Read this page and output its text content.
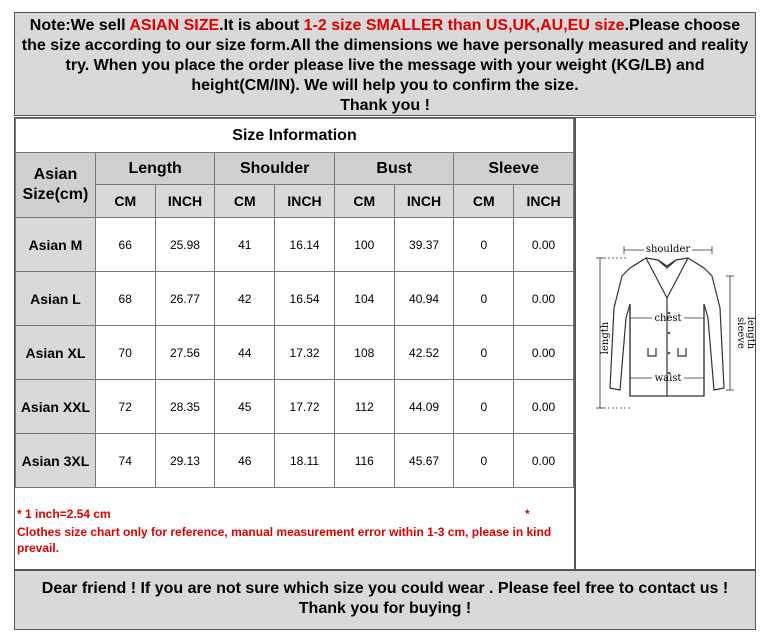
Note:We sell ASIAN SIZE.It is about 1-2 size SMALLER than US,UK,AU,EU size.Please choose
the size according to our size form.All the dimensions we have personally measured and reality
try. When you place the order please live the message with your weight (KG/LB) and
height(CM/IN). We will help you to confirm the size.
Thank you !
Size Information								
Asian
Size(cm)	Length		Shoulder		Bust		Sleeve	
	CM	INCH	CM	INCH	CM	INCH	CM	INCH
Asian M	66	25.98	41	16.14	100	39.37	0	0.00
Asian L	68	26.77	42	16.54	104	40.94	0	0.00
Asian XL	70	27.56	44	17.32	108	42.52	0	0.00
Asian XXL	72	28.35	45	17.72	112	44.09	0	0.00
Asian 3XL	74	29.13	46	18.11	116	45.67	0	0.00
* 1 inch=2.54 cm	*
Clothes size chart only for reference, manual measurement error within 1-3 cm, please in kind prevail.
shoulder
chest
waist
length	sleeve length
Dear friend ! If you are not sure which size you could wear . Please feel free to contact us !
Thank you for buying !
